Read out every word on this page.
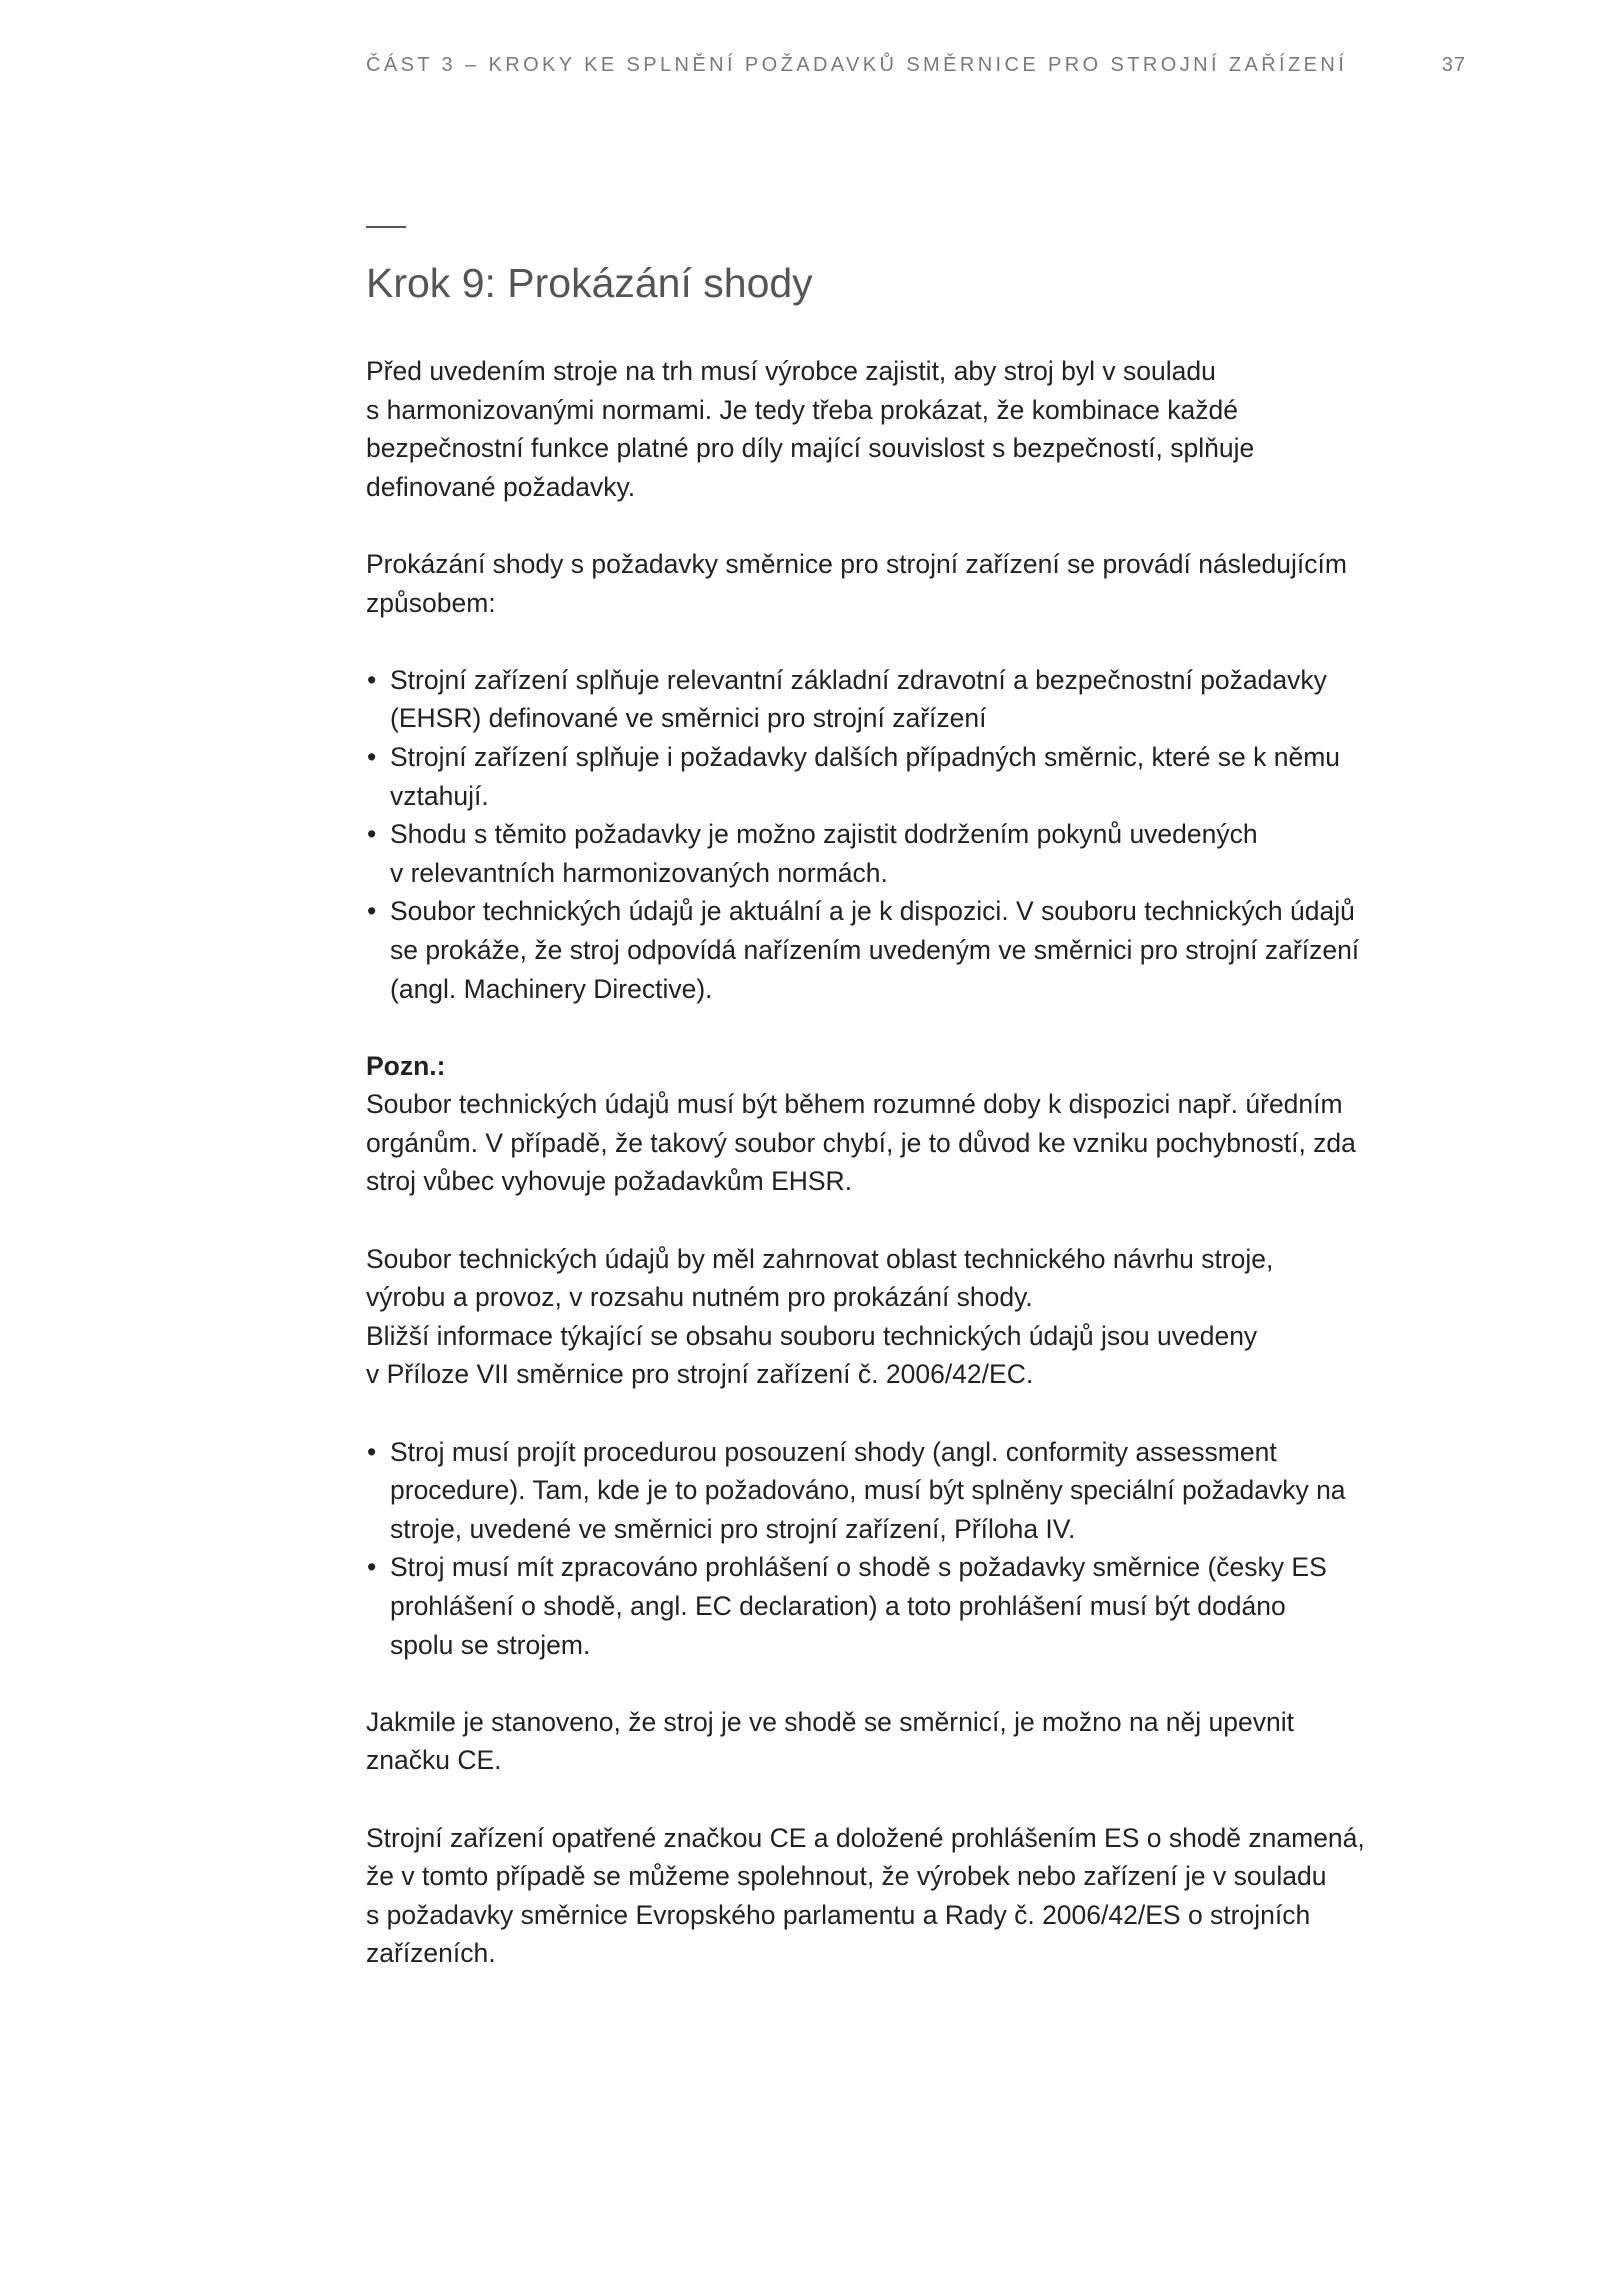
ČÁST 3 – KROKY KE SPLNĚNÍ POŽADAVKŮ SMĚRNICE PRO STROJNÍ ZAŘÍZENÍ	37
Krok 9: Prokázání shody
Před uvedením stroje na trh musí výrobce zajistit, aby stroj byl v souladu
s harmonizovanými normami. Je tedy třeba prokázat, že kombinace každé
bezpečnostní funkce platné pro díly mající souvislost s bezpečností, splňuje
definované požadavky.
Prokázání shody s požadavky směrnice pro strojní zařízení se provádí následujícím
způsobem:
• Strojní zařízení splňuje relevantní základní zdravotní a bezpečnostní požadavky
(EHSR) definované ve směrnici pro strojní zařízení
• Strojní zařízení splňuje i požadavky dalších případných směrnic, které se k němu
vztahují.
• Shodu s těmito požadavky je možno zajistit dodržením pokynů uvedených
v relevantních harmonizovaných normách.
• Soubor technických údajů je aktuální a je k dispozici. V souboru technických údajů
se prokáže, že stroj odpovídá nařízením uvedeným ve směrnici pro strojní zařízení
(angl. Machinery Directive).
Pozn.:
Soubor technických údajů musí být během rozumné doby k dispozici např. úředním
orgánům. V případě, že takový soubor chybí, je to důvod ke vzniku pochybností, zda
stroj vůbec vyhovuje požadavkům EHSR.
Soubor technických údajů by měl zahrnovat oblast technického návrhu stroje,
výrobu a provoz, v rozsahu nutném pro prokázání shody.
Bližší informace týkající se obsahu souboru technických údajů jsou uvedeny
v Příloze VII směrnice pro strojní zařízení č. 2006/42/EC.
• Stroj musí projít procedurou posouzení shody (angl. conformity assessment
procedure). Tam, kde je to požadováno, musí být splněny speciální požadavky na
stroje, uvedené ve směrnici pro strojní zařízení, Příloha IV.
• Stroj musí mít zpracováno prohlášení o shodě s požadavky směrnice (česky ES
prohlášení o shodě, angl. EC declaration) a toto prohlášení musí být dodáno
spolu se strojem.
Jakmile je stanoveno, že stroj je ve shodě se směrnicí, je možno na něj upevnit
značku CE.
Strojní zařízení opatřené značkou CE a doložené prohlášením ES o shodě znamená,
že v tomto případě se můžeme spolehnout, že výrobek nebo zařízení je v souladu
s požadavky směrnice Evropského parlamentu a Rady č. 2006/42/ES o strojních
zařízeních.
